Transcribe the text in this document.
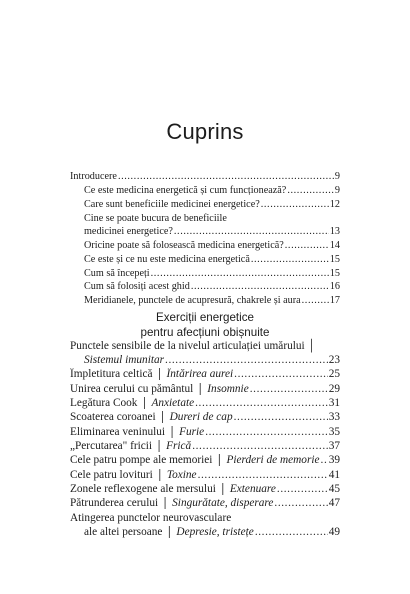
Cuprins
Introducere .....	9
Ce este medicina energetică și cum funcționează? .....	9
Care sunt beneficiile medicinei energetice? .....	12
Cine se poate bucura de beneficiile
medicinei energetice? .....	13
Oricine poate să folosească medicina energetică? .....	14
Ce este și ce nu este medicina energetică .....	15
Cum să începeți .....	15
Cum să folosiți acest ghid .....	16
Meridianele, punctele de acupresură, chakrele și aura .....	17
Exerciții energetice
pentru afecțiuni obișnuite
Punctele sensibile de la nivelul articulației umărului │
Sistemul imunitar .....	23
Împletitura celtică │ Întărirea aurei .....	25
Unirea cerului cu pământul │ Insomnie .....	29
Legătura Cook │ Anxietate .....	31
Scoaterea coroanei │ Dureri de cap .....	33
Eliminarea veninului │ Furie .....	35
„Percutarea" fricii │ Frică .....	37
Cele patru pompe ale memoriei │ Pierderi de memorie ..... 39
Cele patru lovituri │ Toxine .....	41
Zonele reflexogene ale mersului │ Extenuare .....	45
Pătrunderea cerului │ Singurătate, disperare .....	47
Atingerea punctelor neurovasculare
ale altei persoane │ Depresie, tristețe .....	49
